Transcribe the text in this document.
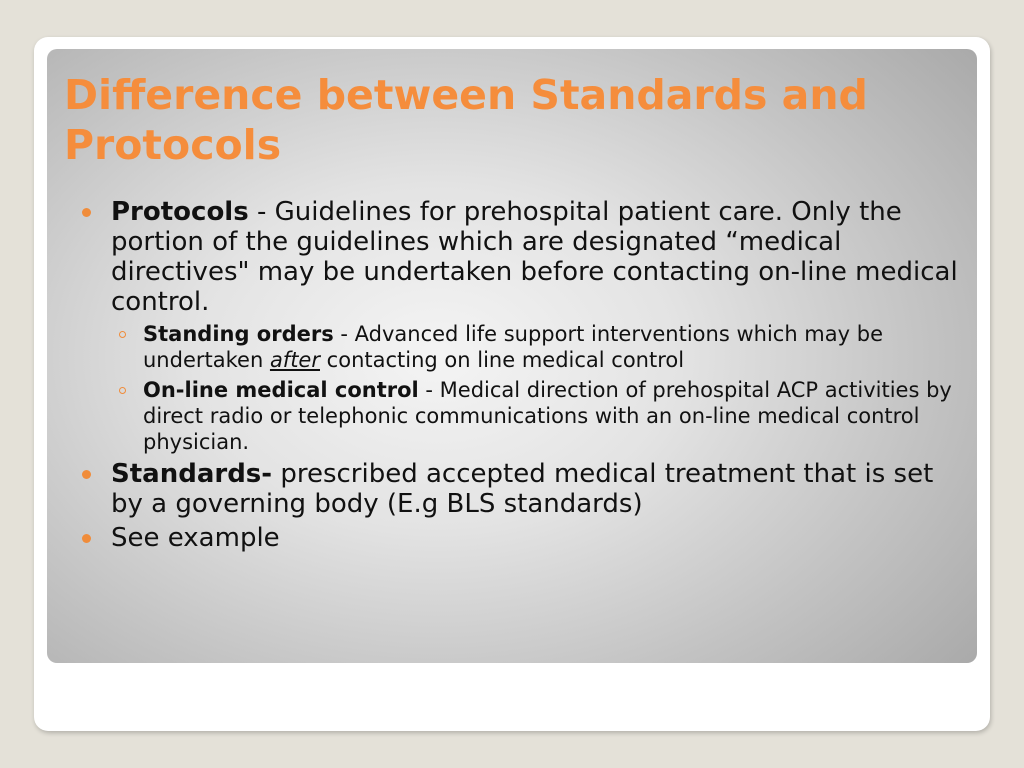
Difference between Standards and Protocols
Protocols - Guidelines for prehospital patient care. Only the portion of the guidelines which are designated “medical directives" may be undertaken before contacting on-line medical control.
Standing orders - Advanced life support interventions which may be undertaken after contacting on line medical control
On-line medical control - Medical direction of prehospital ACP activities by direct radio or telephonic communications with an on-line medical control physician.
Standards- prescribed accepted medical treatment that is set by a governing body (E.g BLS standards)
See example
